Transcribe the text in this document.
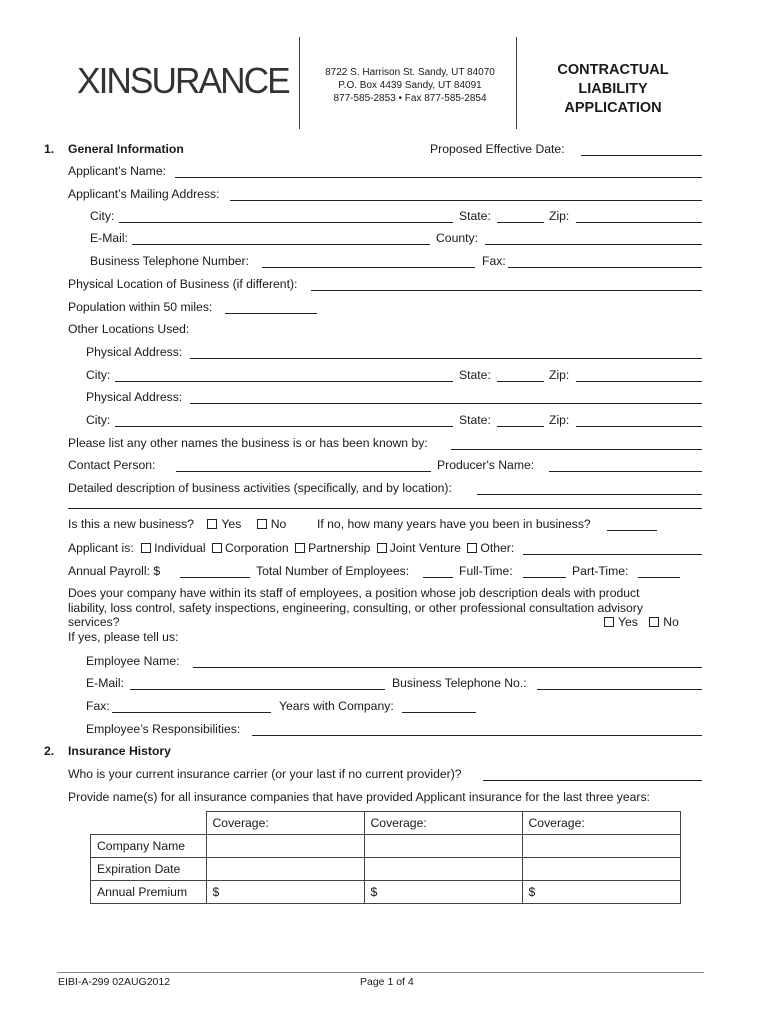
XINSURANCE	8722 S. Harrison St. Sandy, UT 84070
P.O. Box 4439 Sandy, UT 84091
877-585-2853 • Fax 877-585-2854
CONTRACTUAL
LIABILITY
APPLICATION
1. General Information	Proposed Effective Date:
Applicant’s Name:
Applicant’s Mailing Address:
City:	State:	Zip:
E-Mail:	County:
Business Telephone Number:	Fax:
Physical Location of Business (if different):
Population within 50 miles:
Other Locations Used:
Physical Address:
City:	State:	Zip:
Physical Address:
City:	State:	Zip:
Please list any other names the business is or has been known by:
Contact Person:	Producer's Name:
Detailed description of business activities (specifically, and by location):
Is this a new business? Yes No	If no, how many years have you been in business?
Applicant is: Individual Corporation Partnership Joint Venture Other:
Annual Payroll: $	Total Number of Employees:	Full-Time:	Part-Time:
Does your company have within its staff of employees, a position whose job description deals with product
liability, loss control, safety inspections, engineering, consulting, or other professional consultation advisory
services?	Yes No
If yes, please tell us:
Employee Name:
E-Mail:	Business Telephone No.:
Fax:	Years with Company:
Employee’s Responsibilities:
2. Insurance History
Who is your current insurance carrier (or your last if no current provider)?
Provide name(s) for all insurance companies that have provided Applicant insurance for the last three years:
	Coverage:	Coverage:	Coverage:
Company Name			
Expiration Date			
Annual Premium	$	$	$
EIBI-A-299 02AUG2012	Page 1 of 4
